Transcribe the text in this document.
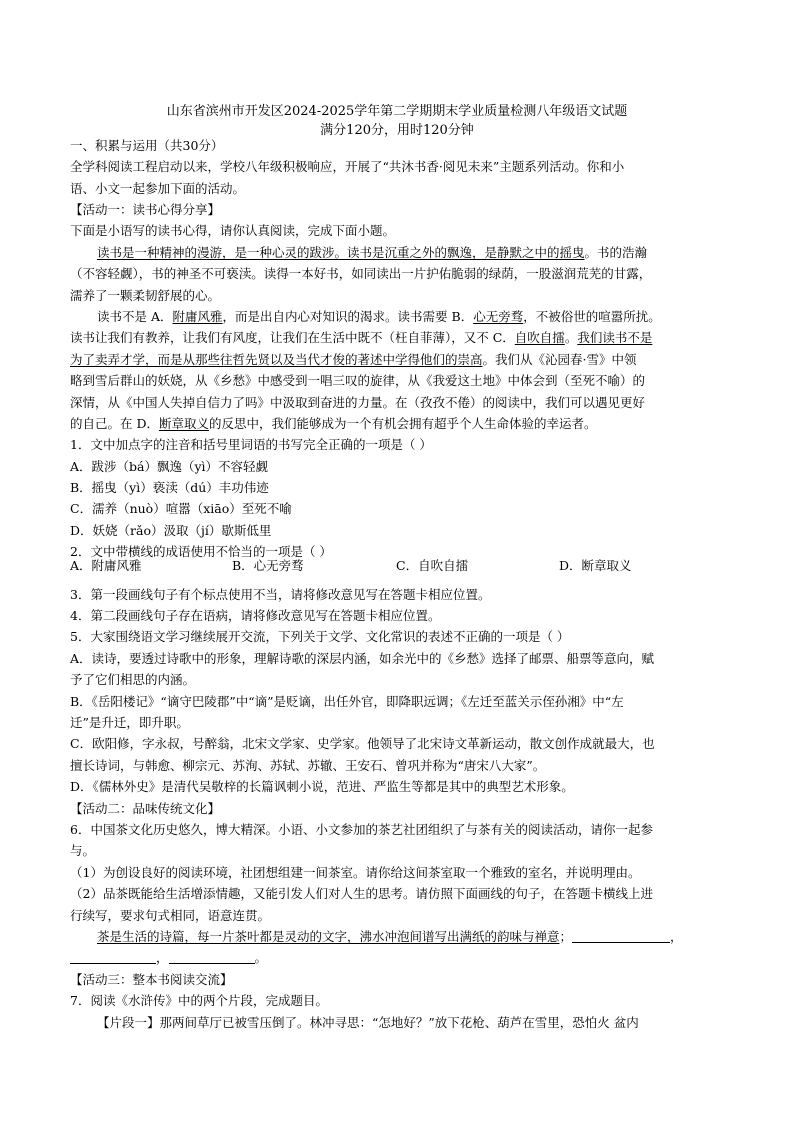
山东省滨州市开发区2024-2025学年第二学期期末学业质量检测八年级语文试题
满分120分，用时120分钟
一、积累与运用（共30分）
全学科阅读工程启动以来，学校八年级积极响应，开展了“共沐书香·阅见未来”主题系列活动。你和小
语、小文一起参加下面的活动。
【活动一：读书心得分享】
下面是小语写的读书心得，请你认真阅读，完成下面小题。
读书是一种精神的漫游，是一种心灵的跋涉。读书是沉重之外的飘逸，是静默之中的摇曳。书的浩瀚
（不容轻觑），书的神圣不可亵渎。读得一本好书，如同读出一片护佑脆弱的绿荫，一股滋润荒芜的甘露，
濡养了一颗柔韧舒展的心。
读书不是 A．附庸风雅，而是出自内心对知识的渴求。读书需要 B．心无旁骛，不被俗世的喧嚣所扰。
读书让我们有教养，让我们有风度，让我们在生活中既不（枉自菲薄），又不 C．自吹自擂。我们读书不是
为了卖弄才学，而是从那些往哲先贤以及当代才俊的著述中学得他们的崇高。我们从《沁园春·雪》中领
略到雪后群山的妖娆，从《乡愁》中感受到一唱三叹的旋律，从《我爱这土地》中体会到（至死不喻）的
深情，从《中国人失掉自信力了吗》中汲取到奋进的力量。在（孜孜不倦）的阅读中，我们可以遇见更好
的自己。在 D．断章取义的反思中，我们能够成为一个有机会拥有超乎个人生命体验的幸运者。
1．文中加点字的注音和括号里词语的书写完全正确的一项是（ ）
A．跋涉（bá）飘逸（yì）不容轻觑
B．摇曳（yì）亵渎（dú）丰功伟迹
C．濡养（nuò）喧嚣（xiāo）至死不喻
D．妖娆（rǎo）汲取（jí）歇斯低里
2．文中带横线的成语使用不恰当的一项是（ ）
A．附庸风雅	B．心无旁骛	C．自吹自擂	D．断章取义
3．第一段画线句子有个标点使用不当，请将修改意见写在答题卡相应位置。
4．第二段画线句子存在语病，请将修改意见写在答题卡相应位置。
5．大家围绕语文学习继续展开交流，下列关于文学、文化常识的表述不正确的一项是（ ）
A．读诗，要透过诗歌中的形象，理解诗歌的深层内涵，如余光中的《乡愁》选择了邮票、船票等意向，赋
予了它们相思的内涵。
B．《岳阳楼记》“谪守巴陵郡”中“谪”是贬谪，出任外官，即降职远调；《左迁至蓝关示侄孙湘》中“左
迁”是升迁，即升职。
C．欧阳修，字永叔，号醉翁，北宋文学家、史学家。他领导了北宋诗文革新运动，散文创作成就最大，也
擅长诗词，与韩愈、柳宗元、苏洵、苏轼、苏辙、王安石、曾巩并称为“唐宋八大家”。
D．《儒林外史》是清代吴敬梓的长篇讽刺小说，范进、严监生等都是其中的典型艺术形象。
【活动二：品味传统文化】
6．中国茶文化历史悠久，博大精深。小语、小文参加的茶艺社团组织了与茶有关的阅读活动，请你一起参
与。
（1）为创设良好的阅读环境，社团想组建一间茶室。请你给这间茶室取一个雅致的室名，并说明理由。
（2）品茶既能给生活增添情趣，又能引发人们对人生的思考。请仿照下面画线的句子，在答题卡横线上进
行续写，要求句式相同，语意连贯。
茶是生活的诗篇，每一片茶叶都是灵动的文字，沸水冲泡间谱写出满纸的韵味与禅意；	，
，	。
【活动三：整本书阅读交流】
7．阅读《水浒传》中的两个片段，完成题目。
【片段一】那两间草厅已被雪压倒了。林冲寻思：“怎地好？”放下花枪、葫芦在雪里，恐怕火 盆内
